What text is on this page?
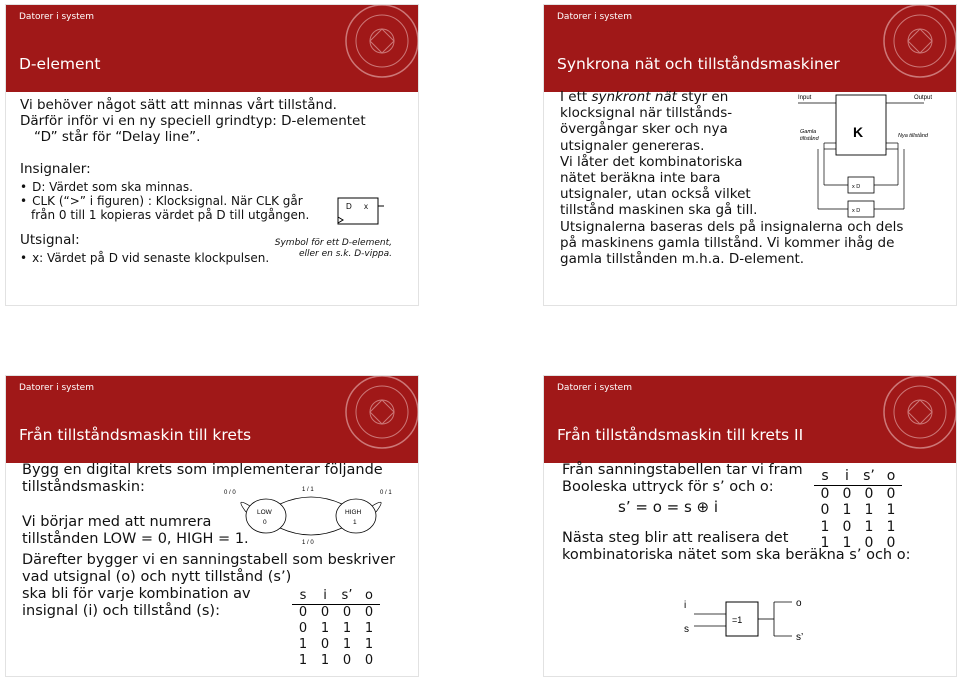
Datorer i system
D-element
Vi behöver något sätt att minnas vårt tillstånd.
Därför inför vi en ny speciell grindtyp: D-elementet
“D” står för “Delay line”.
Insignaler:
• D: Värdet som ska minnas.
• CLK (“>” i figuren) : Klocksignal. När CLK går
från 0 till 1 kopieras värdet på D till utgången.
Utsignal:
• x: Värdet på D vid senaste klockpulsen.
D x
Symbol för ett D-element,
eller en s.k. D-vippa.
Datorer i system
Synkrona nät och tillståndsmaskiner
I ett synkront nät styr en
klocksignal när tillstånds-
övergångar sker och nya
utsignaler genereras.
Vi låter det kombinatoriska
nätet beräkna inte bara
utsignaler, utan också vilket
tillstånd maskinen ska gå till.
Utsignalerna baseras dels på insignalerna och dels
på maskinens gamla tillstånd. Vi kommer ihåg de
gamla tillstånden m.h.a. D-element.
Input	Output
K
Gamla
tillstånd	Nya tillstånd
x D
x D
Datorer i system
Från tillståndsmaskin till krets
Bygg en digital krets som implementerar följande
tillståndsmaskin:
Vi börjar med att numrera
tillstånden LOW = 0, HIGH = 1.
Därefter bygger vi en sanningstabell som beskriver
vad utsignal (o) och nytt tillstånd (s’)
ska bli för varje kombination av
insignal (i) och tillstånd (s):
0 / 0	0 / 1
1 / 1
1 / 0
LOW
0
HIGH
1
s	i	s’	o
0	0	0	0
0	1	1	1
1	0	1	1
1	1	0	0
Datorer i system
Från tillståndsmaskin till krets II
Från sanningstabellen tar vi fram
Booleska uttryck för s’ och o:
s’ = o = s ⊕ i
Nästa steg blir att realisera det
kombinatoriska nätet som ska beräkna s’ och o:
s	i	s’	o
0	0	0	0
0	1	1	1
1	0	1	1
1	1	0	0
i
s
=1
o
s’
